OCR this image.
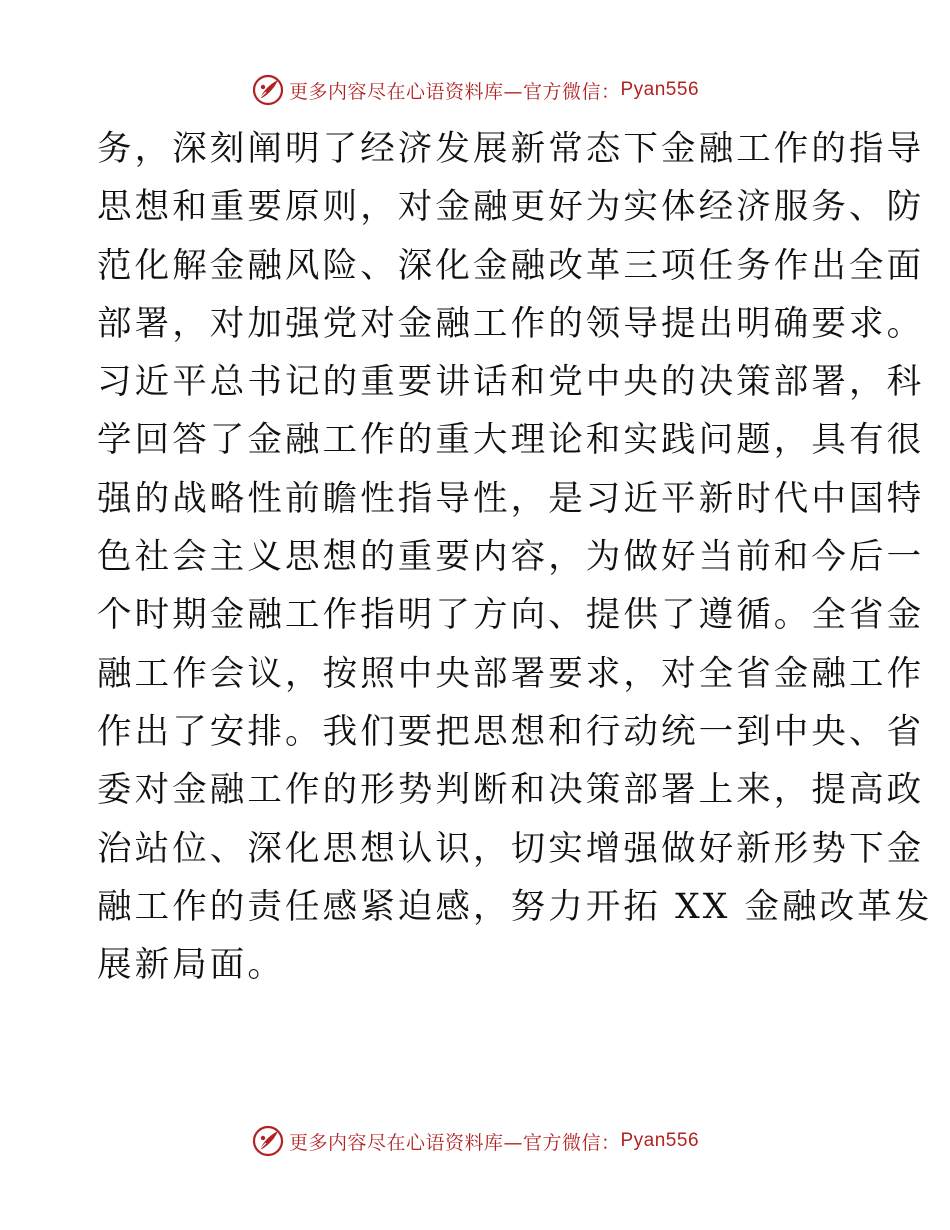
更多内容尽在心语资料库—官方微信： Pyan556
务，深刻阐明了经济发展新常态下金融工作的指导
思想和重要原则，对金融更好为实体经济服务、防
范化解金融风险、深化金融改革三项任务作出全面
部署，对加强党对金融工作的领导提出明确要求。
习近平总书记的重要讲话和党中央的决策部署，科
学回答了金融工作的重大理论和实践问题，具有很
强的战略性前瞻性指导性，是习近平新时代中国特
色社会主义思想的重要内容，为做好当前和今后一
个时期金融工作指明了方向、提供了遵循。全省金
融工作会议，按照中央部署要求，对全省金融工作
作出了安排。我们要把思想和行动统一到中央、省
委对金融工作的形势判断和决策部署上来，提高政
治站位、深化思想认识，切实增强做好新形势下金
融工作的责任感紧迫感，努力开拓 XX 金融改革发
展新局面。
更多内容尽在心语资料库—官方微信： Pyan556
